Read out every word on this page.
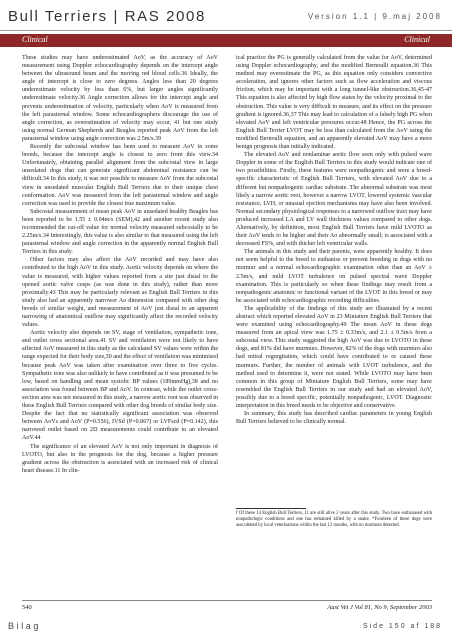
Bull Terriers | RAS 2008	Version 1.1 | 9.maj 2008
Clinical	Clinical

These studies may have underestimated AoV, as the accuracy of AoV measurement using Doppler echocardiography depends on the intercept angle between the ultrasound beam and the moving red blood cells.36 Ideally, the angle of intercept is close to zero degrees. Angles less than 20 degrees underestimate velocity by less than 6%, but larger angles significantly underestimate velocity.36 Angle correction allows for the intercept angle and prevents underestimation of velocity, particularly when AoV is measured from the left parasternal window. Some echocardiographers discourage the use of angle correction, as overestimation of velocity may occur, 41 but one study using normal German Shepherds and Beagles reported peak AoV from the left parasternal window using angle correction was 2.5m/s.39

Recently the subcostal window has been used to measure AoV in some breeds, because the intercept angle is closest to zero from this view.34 Unfortunately, obtaining parallel alignment from the subcostal view in large unsedated dogs that can generate significant abdominal resistance can be difficult.34 In this study, it was not possible to measure AoV from the subcostal view in unsedated muscular English Bull Terriers due to their unique chest conformation. AoV was measured from the left parasternal window and angle correction was used to provide the closest true maximum value.

Subcostal measurement of mean peak AoV in unsedated healthy Beagles has been reported to be 1.55 ± 0.04m/s (SEM),42 and another recent study also recommended the cut-off value for normal velocity measured subcostally to be 2.25m/s.34 Interestingly, this value is also similar to that measured using the left parasternal window and angle correction in the apparently normal English Bull Terriers in this study.

Other factors may also affect the AoV recorded and may have also contributed to the high AoV in this study. Aortic velocity depends on where the value is measured, with higher values reported from a site just distal to the opened aortic valve cusps (as was done in this study), rather than more proximally.43 This may be particularly relevant as English Bull Terriers in this study also had an apparently narrower Ao dimension compared with other dog breeds of similar weight, and measurement of AoV just distal to an apparent narrowing of anatomical outflow may significantly affect the recorded velocity values.

Aortic velocity also depends on SV, stage of ventilation, sympathetic tone, and outlet cross sectional area.41 SV and ventilation were not likely to have affected AoV measured in this study as the calculated SV values were within the range expected for their body size,30 and the effect of ventilation was minimised because peak AoV was taken after examination over three to five cycles. Sympathetic tone was also unlikely to have contributed as it was presumed to be low, based on handling and mean systolic BP values (189mmHg),38 and no association was found between BP and AoV. In contrast, while the outlet cross-section area was not measured in this study, a narrow aortic root was observed in these English Bull Terriers compared with other dog breeds of similar body size. Despite the fact that no statistically significant association was observed between AoVs and AoV (P=0.556), IVSd (P=0.867) or LVFscd (P=0.142), this narrowed outlet based on 2D measurements could contribute to an elevated AoV.44

The significance of an elevated AoV is not only important in diagnosis of LVOTO, but also in the prognosis for the dog, because a higher pressure gradient across the obstruction is associated with an increased risk of clinical heart disease.11 In clin-

ical practice the PG is generally calculated from the value for AoV, determined using Doppler echocardiography, and the modified Bernoulli equation.36 This method may overestimate the PG, as this equation only considers convective acceleration, and ignores other factors such as flow acceleration and viscous friction, which may be important with a long tunnel-like obstruction.36,45-47 This equation is also affected by high flow states by the velocity proximal to the obstruction. This value is very difficult to measure, and its effect on the pressure gradient is ignored.36,37 This may lead to calculation of a falsely high PG when elevated AoV and left ventricular pressures occur.48 Hence, the PG across the English Bull Terrier LVOT may be less than calculated from the AoV using the modified Bernoulli equation, and an apparently elevated AoV may have a more benign prognosis than initially indicated.

The elevated AoV and nonlaminar aortic flow seen only with pulsed wave Doppler in some of the English Bull Terriers in this study would indicate one of two possibilities. Firstly, these features were nonpathogenic and were a breed-specific characteristic of English Bull Terriers, with elevated AoV due to a different but nonpathogenic cardiac substrate. The abnormal substrate was most likely a narrow aortic root, however a narrow LVOT, lowered systemic vascular resistance, LVH, or unusual ejection mechanisms may have also been involved. Normal secondary physiological responses to a narrowed outflow tract may have produced increased LA and LV wall thickness values compared to other dogs. Alternatively, by definition, most English Bull Terriers have mild LVOTO as their AoV tends to be higher and their Ao abnormally small; is associated with a decreased FS%, and with thicker left ventricular walls.

The animals in this study and their parents, were apparently healthy. It does not seem helpful to the breed to euthanise or prevent breeding in dogs with no murmur and a normal echocardiographic examination other than an AoV ≥ 2.5m/s, and mild LVOT turbulence on pulsed spectral wave Doppler examination. This is particularly so when these findings may result from a nonpathogenic anatomic or functional variant of the LVOT in this breed or may be associated with echocardiographic recording difficulties.

The applicability of the findings of this study are illustrated by a recent abstract which reported elevated AoV in 23 Miniature English Bull Terriers that were examined using echocardiography.49 The mean AoV in these dogs measured from an apical view was 1.75 ± 0.33m/s, and 2.1 ± 0.5m/s from a subcostal view. This study suggested the high AoV was due to LVOTO in these dogs, and 81% did have murmurs. However, 82% of the dogs with murmurs also had mitral regurgitation, which could have contributed to or caused these murmurs. Further, the number of animals with LVOT turbulence, and the method used to determine it, were not stated. While LVOTO may have been common in this group of Miniature English Bull Terriers, some may have resembled the English Bull Terriers in our study and had an elevated AoV, possibly due to a breed specific, potentially nonpathogenic, LVOT. Diagnostic interpretation in this breed needs to be objective and conservative.

In summary, this study has described cardiac parameters in young English Bull Terriers believed to be clinically normal.

f Of these 14 English Bull Terriers, 11 are still alive 2 years after this study. Two have euthanased with nonpathologic conditions and one has remained killed by a snake. *Fourteen of these dogs were auscultated by local veterinarians within the last 12 months, with no murmurs detected.
540	Aust Vet J Vol 81, No 9, September 2003
Bilag	Side 150 af 188
